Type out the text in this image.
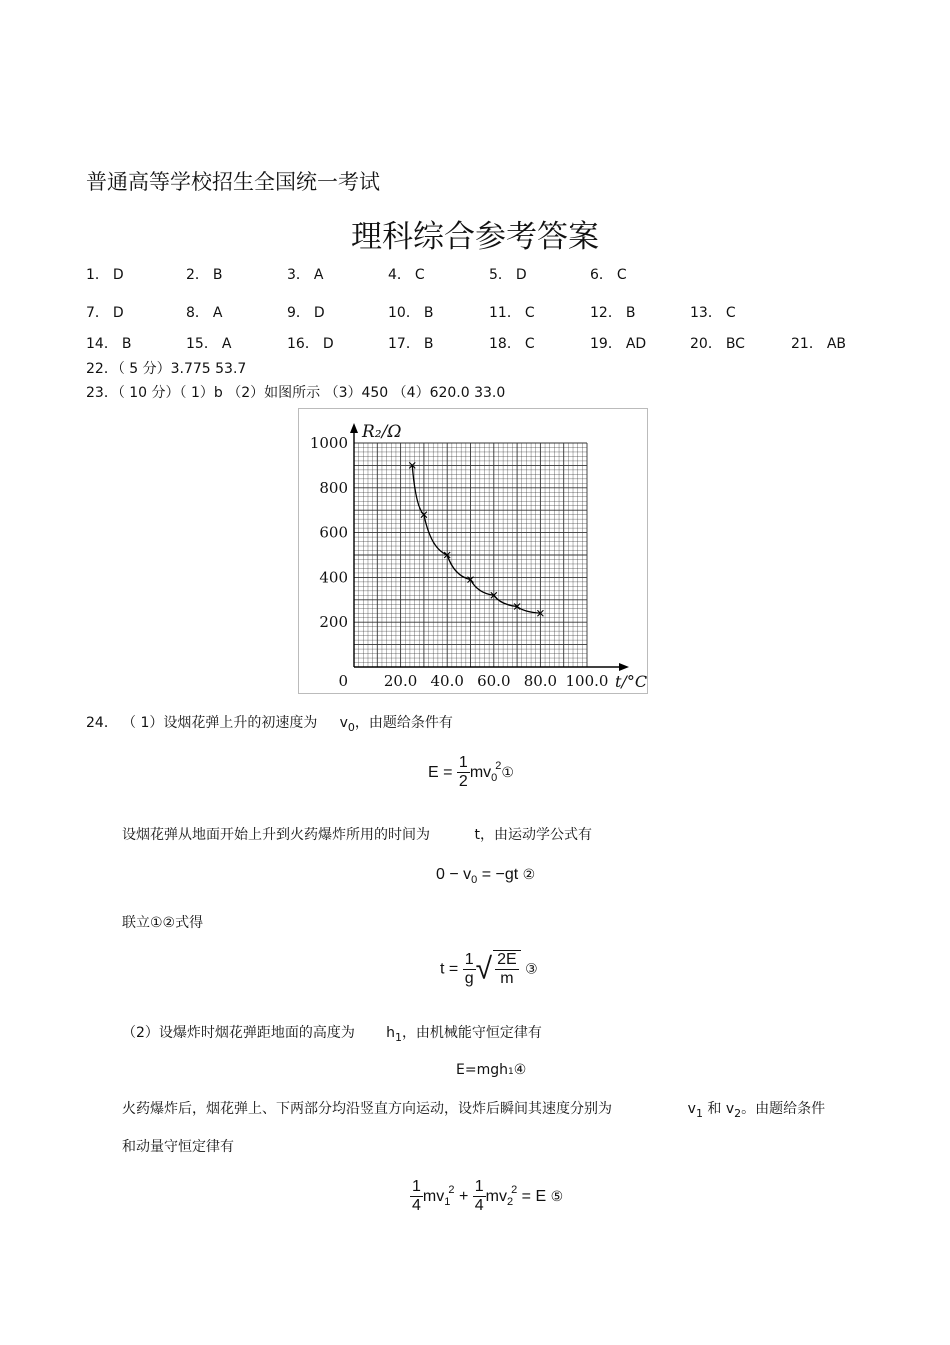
普通高等学校招生全国统一考试
理科综合参考答案
1． D	2． B	3． A	4． C	5． D	6． C
7． D	8． A	9． D	10． B	11． C	12． B	13． C
14． B	15． A	16． D	17． B	18． C	19． AD	20． BC	21． AB
22．（ 5 分）3.775 53.7
23．（ 10 分）（ 1）b （2）如图所示 （3）450 （4）620.0 33.0
1000
800
600
400
200
0 20.0 40.0 60.0 80.0 100.0
R₂/Ω
t/°C
24． （ 1）设烟花弹上升的初速度为 $v_0$，由题给条件有
$E = \frac{1}{2}$ $mv_0^2①$
设烟花弹从地面开始上升到火药爆炸所用的时间为	t，由运动学公式有
$0 - v_0 = -gt$ ②
联立①②式得
$t = \frac{1}{g}$ √ $\frac{2E}{m}$ ③
（2）设爆炸时烟花弹距地面的高度为 $h_1$，由机械能守恒定律有
E=mgh1④
火药爆炸后，烟花弹上、下两部分均沿竖直方向运动，设炸后瞬间其速度分别为	$v_1$ 和 $v_2$。由题给条件
和动量守恒定律有
$\frac{1}{4} mv_1^2 + \frac{1}{4} mv_2^2 = E$ ⑤
